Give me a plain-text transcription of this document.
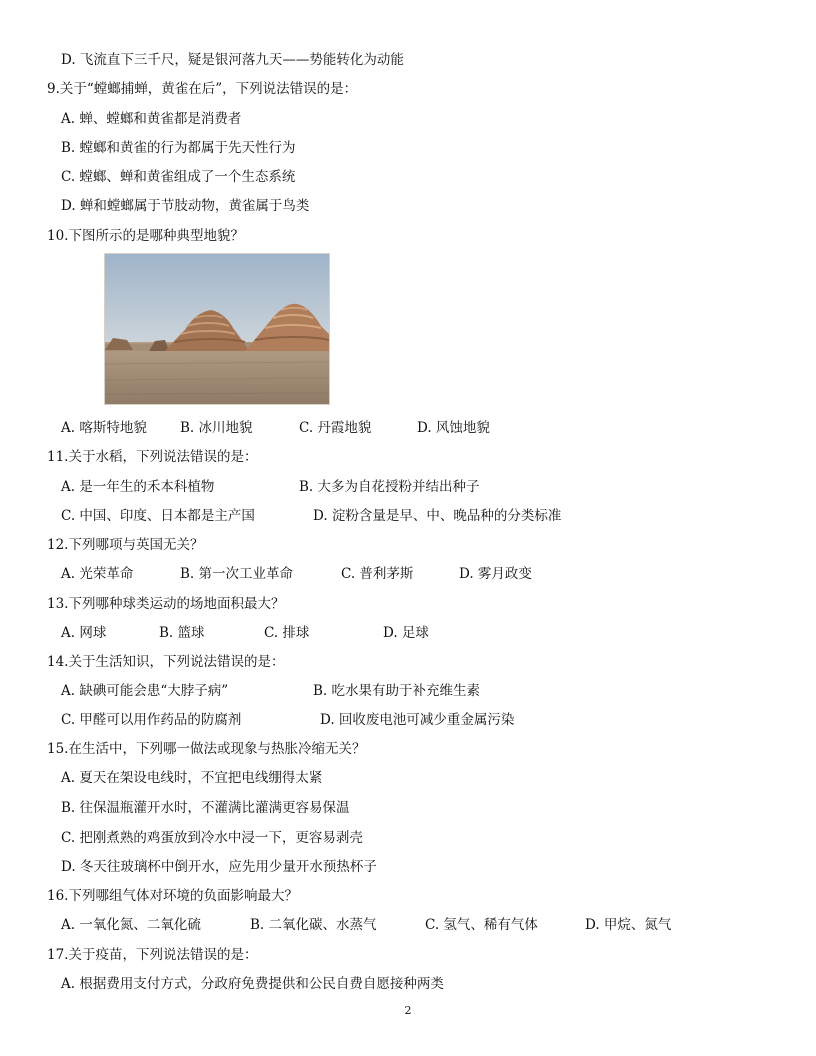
D. 飞流直下三千尺，疑是银河落九天——势能转化为动能
9.关于“螳螂捕蝉，黄雀在后”，下列说法错误的是：
A. 蝉、螳螂和黄雀都是消费者
B. 螳螂和黄雀的行为都属于先天性行为
C. 螳螂、蝉和黄雀组成了一个生态系统
D. 蝉和螳螂属于节肢动物，黄雀属于鸟类
10.下图所示的是哪种典型地貌？
A. 喀斯特地貌 B. 冰川地貌	C. 丹霞地貌	D. 风蚀地貌
11.关于水稻，下列说法错误的是：
A. 是一年生的禾本科植物	B. 大多为自花授粉并结出种子
C. 中国、印度、日本都是主产国	D. 淀粉含量是早、中、晚品种的分类标准
12.下列哪项与英国无关？
A. 光荣革命	B. 第一次工业革命	C. 普利茅斯	D. 雾月政变
13.下列哪种球类运动的场地面积最大？
A. 网球	B. 篮球	C. 排球	D. 足球
14.关于生活知识，下列说法错误的是：
A. 缺碘可能会患“大脖子病”	B. 吃水果有助于补充维生素
C. 甲醛可以用作药品的防腐剂	D. 回收废电池可减少重金属污染
15.在生活中，下列哪一做法或现象与热胀冷缩无关？
A. 夏天在架设电线时，不宜把电线绷得太紧
B. 往保温瓶灌开水时，不灌满比灌满更容易保温
C. 把刚煮熟的鸡蛋放到冷水中浸一下，更容易剥壳
D. 冬天往玻璃杯中倒开水，应先用少量开水预热杯子
16.下列哪组气体对环境的负面影响最大？
A. 一氧化氮、二氧化硫	B. 二氧化碳、水蒸气	C. 氢气、稀有气体	D. 甲烷、氮气
17.关于疫苗，下列说法错误的是：
A. 根据费用支付方式，分政府免费提供和公民自费自愿接种两类
2
